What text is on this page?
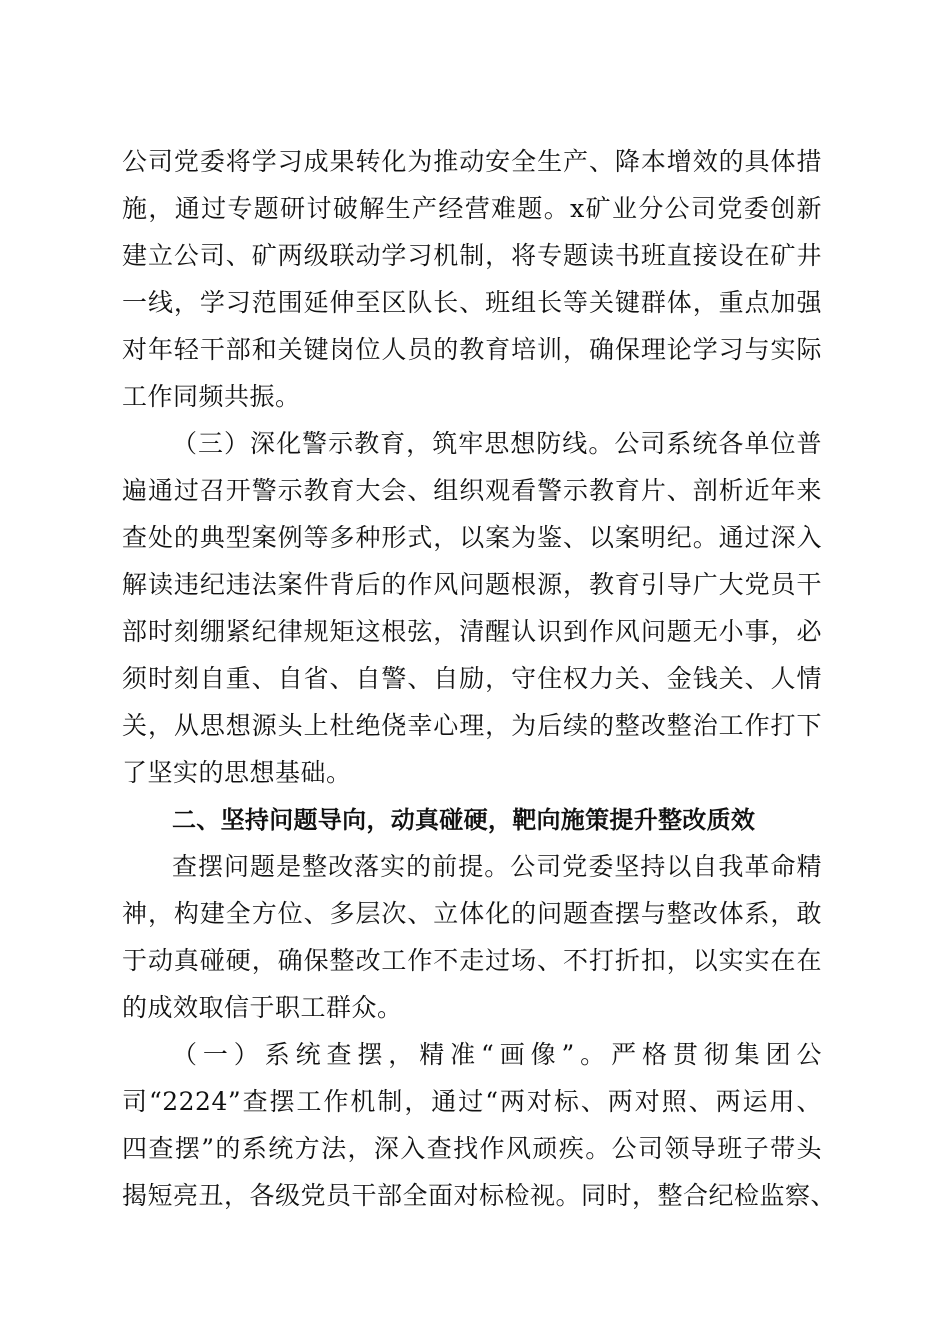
公司党委将学习成果转化为推动安全生产、降本增效的具体措
施，通过专题研讨破解生产经营难题。x矿业分公司党委创新
建立公司、矿两级联动学习机制，将专题读书班直接设在矿井
一线，学习范围延伸至区队长、班组长等关键群体，重点加强
对年轻干部和关键岗位人员的教育培训，确保理论学习与实际
工作同频共振。
（三）深化警示教育，筑牢思想防线。公司系统各单位普
遍通过召开警示教育大会、组织观看警示教育片、剖析近年来
查处的典型案例等多种形式，以案为鉴、以案明纪。通过深入
解读违纪违法案件背后的作风问题根源，教育引导广大党员干
部时刻绷紧纪律规矩这根弦，清醒认识到作风问题无小事，必
须时刻自重、自省、自警、自励，守住权力关、金钱关、人情
关，从思想源头上杜绝侥幸心理，为后续的整改整治工作打下
了坚实的思想基础。
二、坚持问题导向，动真碰硬，靶向施策提升整改质效
查摆问题是整改落实的前提。公司党委坚持以自我革命精
神，构建全方位、多层次、立体化的问题查摆与整改体系，敢
于动真碰硬，确保整改工作不走过场、不打折扣，以实实在在
的成效取信于职工群众。
（一）系统查摆，精准“画像”。严格贯彻集团公
司“2224”查摆工作机制，通过“两对标、两对照、两运用、
四查摆”的系统方法，深入查找作风顽疾。公司领导班子带头
揭短亮丑，各级党员干部全面对标检视。同时，整合纪检监察、
